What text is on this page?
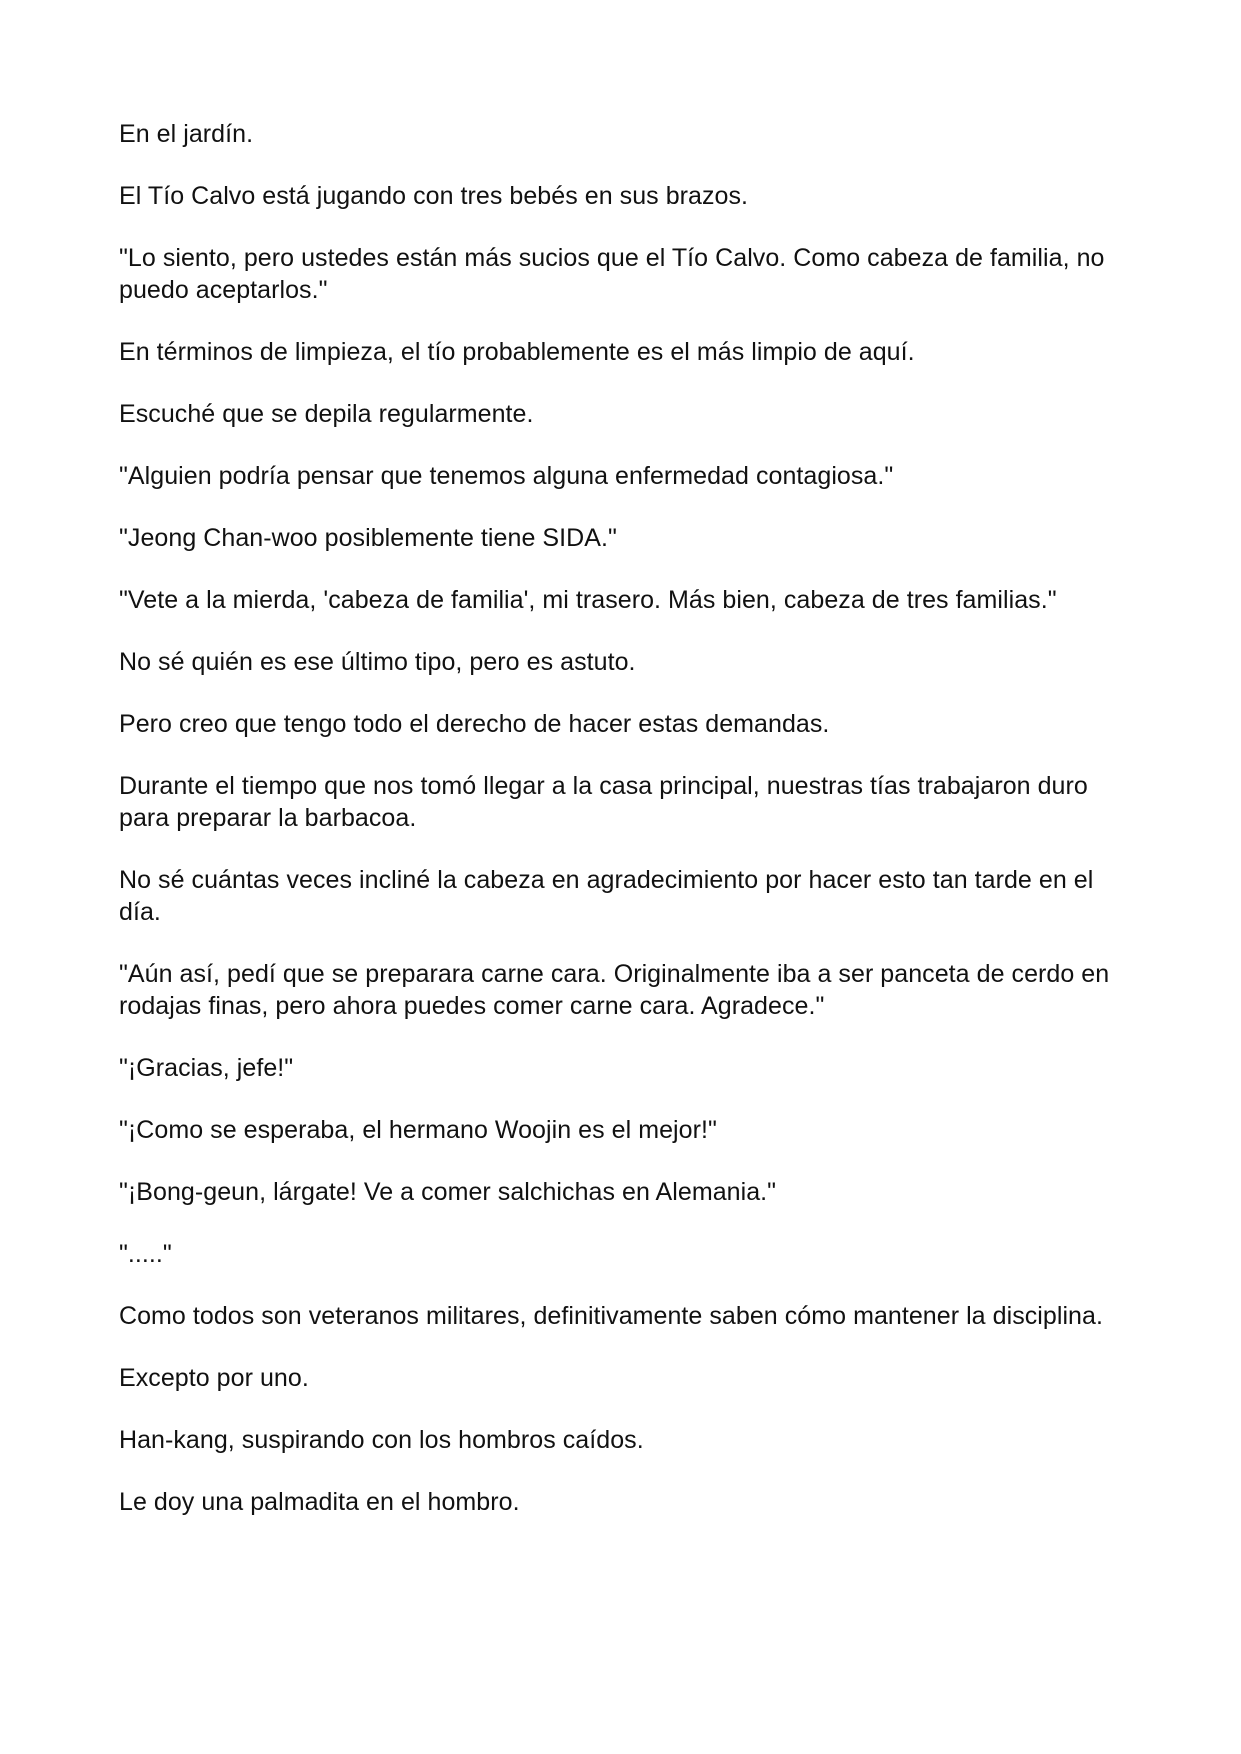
En el jardín.

El Tío Calvo está jugando con tres bebés en sus brazos.

"Lo siento, pero ustedes están más sucios que el Tío Calvo. Como cabeza de familia, no puedo aceptarlos."

En términos de limpieza, el tío probablemente es el más limpio de aquí.

Escuché que se depila regularmente.

"Alguien podría pensar que tenemos alguna enfermedad contagiosa."

"Jeong Chan-woo posiblemente tiene SIDA."

"Vete a la mierda, 'cabeza de familia', mi trasero. Más bien, cabeza de tres familias."

No sé quién es ese último tipo, pero es astuto.

Pero creo que tengo todo el derecho de hacer estas demandas.

Durante el tiempo que nos tomó llegar a la casa principal, nuestras tías trabajaron duro para preparar la barbacoa.

No sé cuántas veces incliné la cabeza en agradecimiento por hacer esto tan tarde en el día.

"Aún así, pedí que se preparara carne cara. Originalmente iba a ser panceta de cerdo en rodajas finas, pero ahora puedes comer carne cara. Agradece."

"¡Gracias, jefe!"

"¡Como se esperaba, el hermano Woojin es el mejor!"

"¡Bong-geun, lárgate! Ve a comer salchichas en Alemania."

"....."

Como todos son veteranos militares, definitivamente saben cómo mantener la disciplina.

Excepto por uno.

Han-kang, suspirando con los hombros caídos.

Le doy una palmadita en el hombro.
